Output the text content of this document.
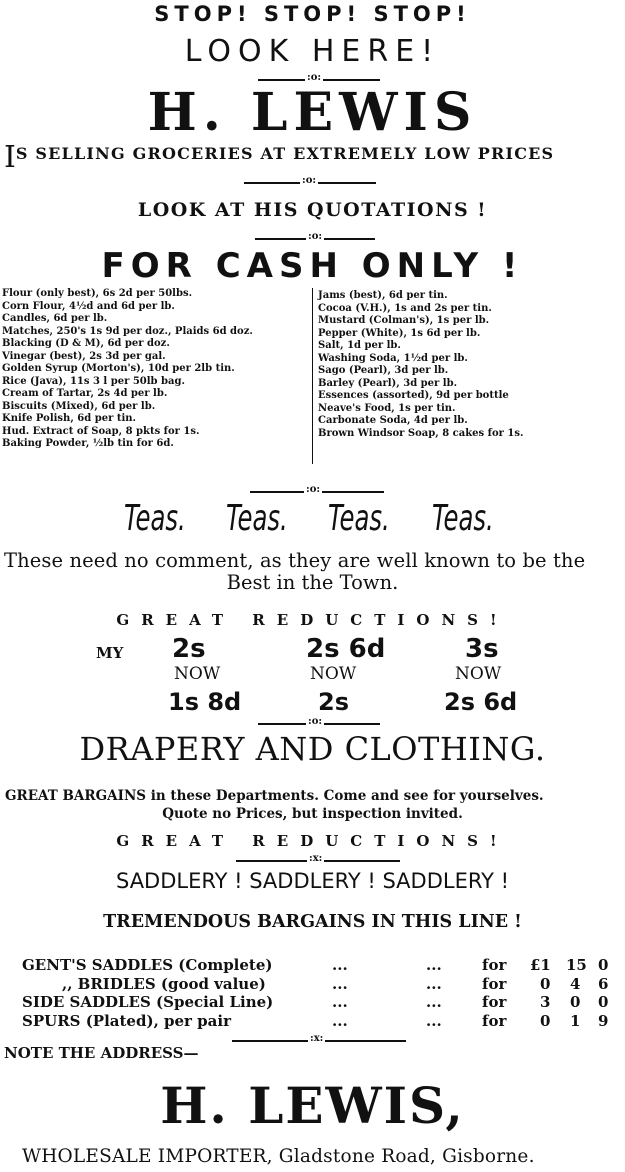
STOP! STOP! STOP!
LOOK HERE!
:o:
H. LEWIS
IS SELLING GROCERIES AT EXTREMELY LOW PRICES
:o:
LOOK AT HIS QUOTATIONS !
:o:
FOR CASH ONLY !
Flour (only best), 6s 2d per 50lbs.
Corn Flour, 4½d and 6d per lb.
Candles, 6d per lb.
Matches, 250's 1s 9d per doz., Plaids 6d doz.
Blacking (D & M), 6d per doz.
Vinegar (best), 2s 3d per gal.
Golden Syrup (Morton's), 10d per 2lb tin.
Rice (Java), 11s 3 l per 50lb bag.
Cream of Tartar, 2s 4d per lb.
Biscuits (Mixed), 6d per lb.
Knife Polish, 6d per tin.
Hud. Extract of Soap, 8 pkts for 1s.
Baking Powder, ½lb tin for 6d.
Jams (best), 6d per tin.
Cocoa (V.H.), 1s and 2s per tin.
Mustard (Colman's), 1s per lb.
Pepper (White), 1s 6d per lb.
Salt, 1d per lb.
Washing Soda, 1½d per lb.
Sago (Pearl), 3d per lb.
Barley (Pearl), 3d per lb.
Essences (assorted), 9d per bottle
Neave's Food, 1s per tin.
Carbonate Soda, 4d per lb.
Brown Windsor Soap, 8 cakes for 1s.
:o:
Teas. Teas. Teas. Teas.
These need no comment, as they are well known to be the
Best in the Town.
GREAT REDUCTIONS!
MY 2s	2s 6d	3s
NOW	NOW	NOW
1s 8d	2s	2s 6d
:o:
DRAPERY AND CLOTHING.
GREAT BARGAINS in these Departments. Come and see for yourselves.
Quote no Prices, but inspection invited.
GREAT REDUCTIONS!
:x:
SADDLERY ! SADDLERY ! SADDLERY !
TREMENDOUS BARGAINS IN THIS LINE !
GENT'S SADDLES (Complete)	...	...	for £1 15 0
,, BRIDLES (good value)	...	...	for 0 4 6
SIDE SADDLES (Special Line)	...	...	for 3 0 0
SPURS (Plated), per pair	...	...	for 0 1 9
:x:
NOTE THE ADDRESS—
H. LEWIS,
WHOLESALE IMPORTER, Gladstone Road, Gisborne.
